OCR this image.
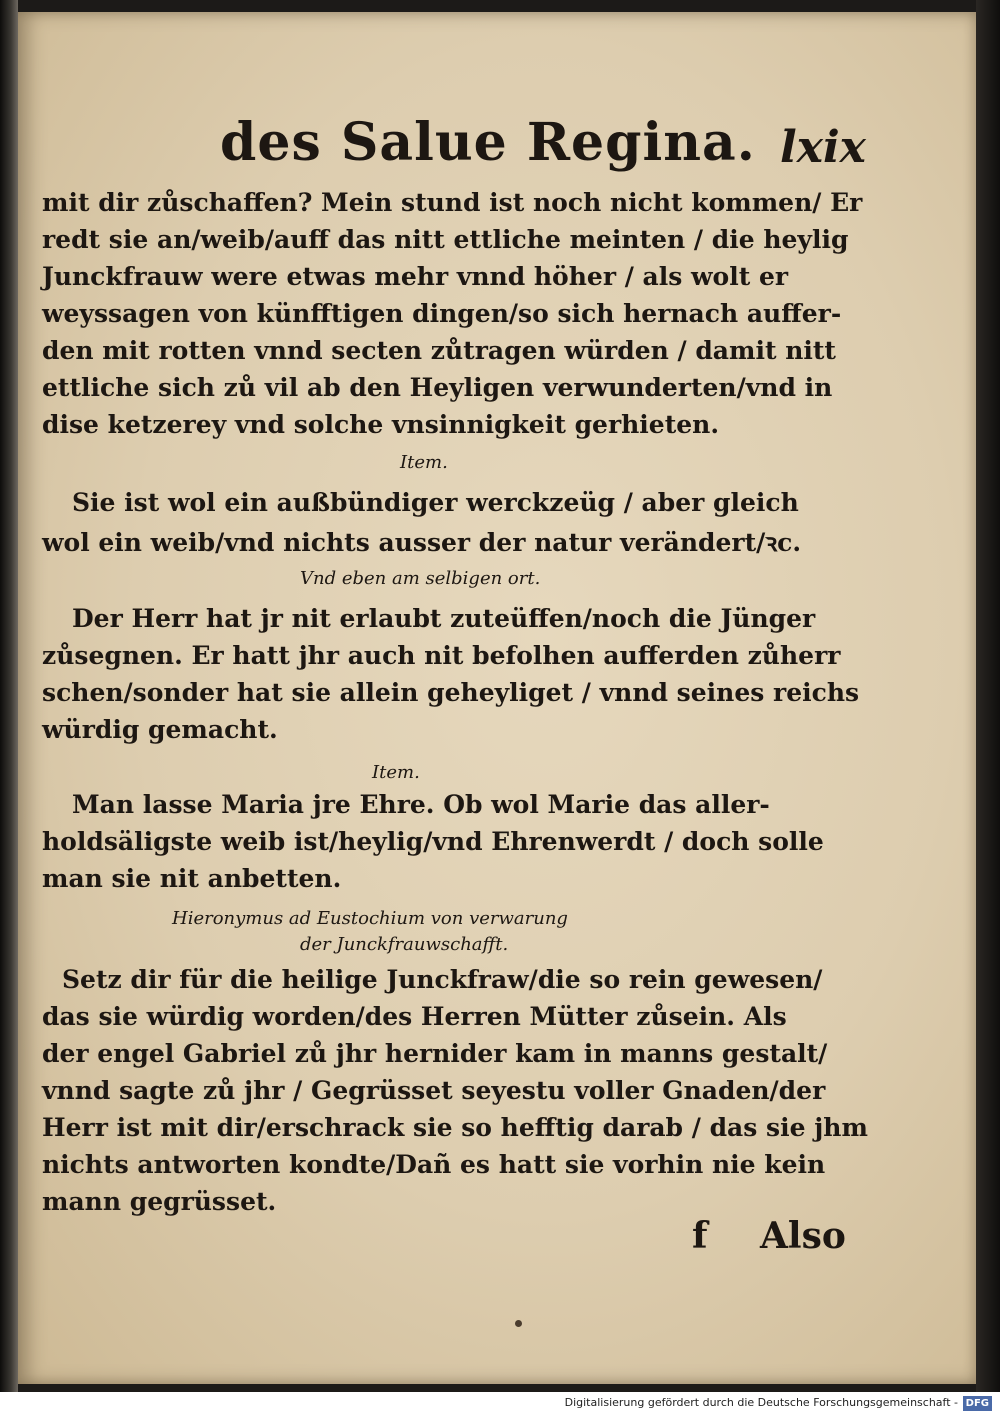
des Salue Regina. lxix
mit dir zůschaffen? Mein stund ist noch nicht kommen/ Er
redt sie an/weib/auff das nitt ettliche meinten / die heylig
Junckfrauw were etwas mehr vnnd höher / als wolt er
weyssagen von künfftigen dingen/so sich hernach auffer-
den mit rotten vnnd secten zůtragen würden / damit nitt
ettliche sich zů vil ab den Heyligen verwunderten/vnd in
dise ketzerey vnd solche vnsinnigkeit gerhieten.
Item.
Sie ist wol ein außbündiger werckzeüg / aber gleich
wol ein weib/vnd nichts ausser der natur verändert/ꝛc.
Vnd eben am selbigen ort.
Der Herr hat jr nit erlaubt zuteüffen/noch die Jünger
zůsegnen. Er hatt jhr auch nit befolhen aufferden zůherr
schen/sonder hat sie allein geheyliget / vnnd seines reichs
würdig gemacht.
Item.
Man lasse Maria jre Ehre. Ob wol Marie das aller-
holdsäligste weib ist/heylig/vnd Ehrenwerdt / doch solle
man sie nit anbetten.
Hieronymus ad Eustochium von verwarung
der Junckfrauwschafft.
Setz dir für die heilige Junckfraw/die so rein gewesen/
das sie würdig worden/des Herren Mütter zůsein. Als
der engel Gabriel zů jhr hernider kam in manns gestalt/
vnnd sagte zů jhr / Gegrüsset seyestu voller Gnaden/der
Herr ist mit dir/erschrack sie so hefftig darab / das sie jhm
nichts antworten kondte/Dañ es hatt sie vorhin nie kein
mann gegrüsset.
f Also
Digitalisierung gefördert durch die Deutsche Forschungsgemeinschaft - DFG
